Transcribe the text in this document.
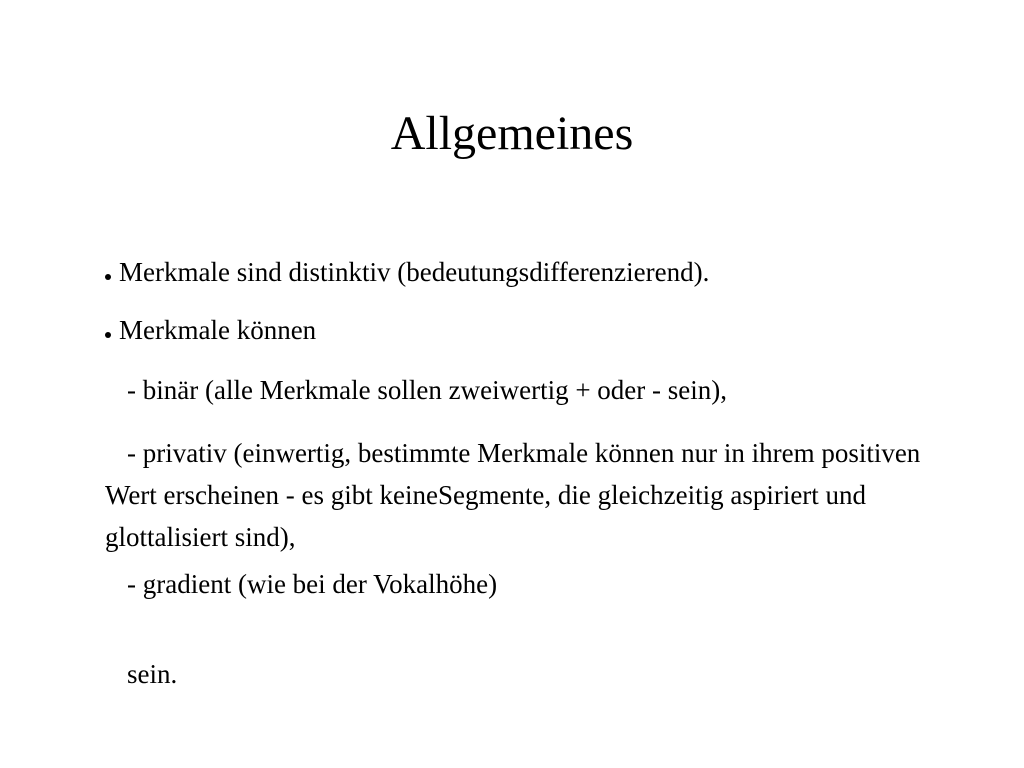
Allgemeines
Merkmale sind distinktiv (bedeutungsdifferenzierend).
Merkmale können
- binär (alle Merkmale sollen zweiwertig + oder - sein),
- privativ (einwertig, bestimmte Merkmale können nur in ihrem positiven Wert erscheinen - es gibt keineSegmente, die gleichzeitig aspiriert und glottalisiert sind),
- gradient (wie bei der Vokalhöhe)
sein.
